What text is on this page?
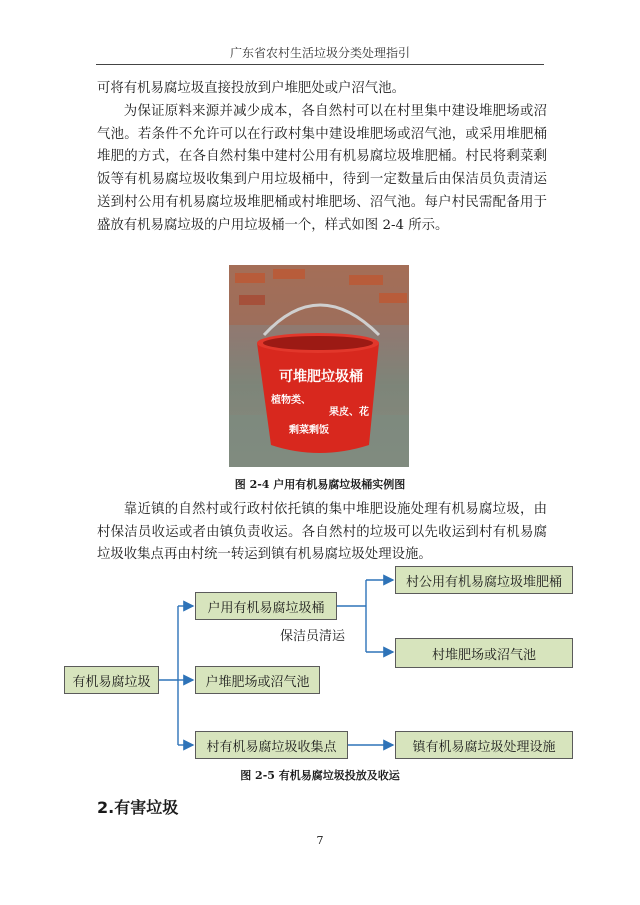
广东省农村生活垃圾分类处理指引

可将有机易腐垃圾直接投放到户堆肥处或户沼气池。

为保证原料来源并减少成本，各自然村可以在村里集中建设堆肥场或沼气池。若条件不允许可以在行政村集中建设堆肥场或沼气池，或采用堆肥桶堆肥的方式，在各自然村集中建村公用有机易腐垃圾堆肥桶。村民将剩菜剩饭等有机易腐垃圾收集到户用垃圾桶中，待到一定数量后由保洁员负责清运送到村公用有机易腐垃圾堆肥桶或村堆肥场、沼气池。每户村民需配备用于盛放有机易腐垃圾的户用垃圾桶一个，样式如图 2-4 所示。

可堆肥垃圾桶
植物类、
果皮、花
剩菜剩饭
图 2-4 户用有机易腐垃圾桶实例图

靠近镇的自然村或行政村依托镇的集中堆肥设施处理有机易腐垃圾，由村保洁员收运或者由镇负责收运。各自然村的垃圾可以先收运到村有机易腐垃圾收集点再由村统一转运到镇有机易腐垃圾处理设施。

有机易腐垃圾
户用有机易腐垃圾桶
户堆肥场或沼气池
村有机易腐垃圾收集点
村公用有机易腐垃圾堆肥桶
村堆肥场或沼气池
镇有机易腐垃圾处理设施
保洁员清运
图 2-5 有机易腐垃圾投放及收运
2.有害垃圾
7
